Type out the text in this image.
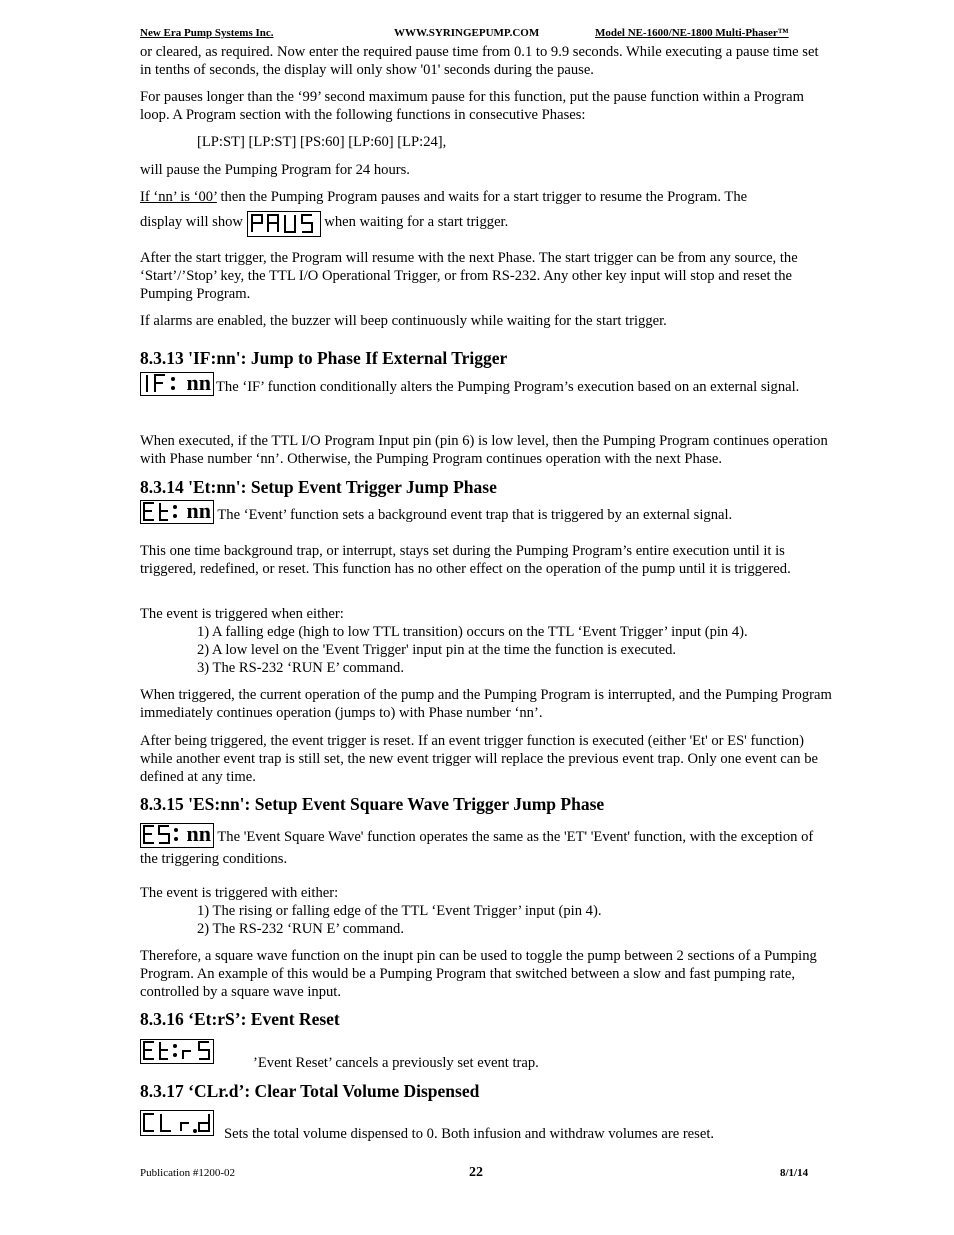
New Era Pump Systems Inc.	WWW.SYRINGEPUMP.COM	Model NE-1600/NE-1800 Multi-Phaser™

or cleared, as required. Now enter the required pause time from 0.1 to 9.9 seconds. While executing a pause time set in tenths of seconds, the display will only show '01' seconds during the pause.

For pauses longer than the ‘99’ second maximum pause for this function, put the pause function within a Program loop. A Program section with the following functions in consecutive Phases:

[LP:ST] [LP:ST] [PS:60] [LP:60] [LP:24],

will pause the Pumping Program for 24 hours.

If ‘nn’ is ‘00’ then the Pumping Program pauses and waits for a start trigger to resume the Program. The

display will show	when waiting for a start trigger.

After the start trigger, the Program will resume with the next Phase. The start trigger can be from any source, the ‘Start’/’Stop’ key, the TTL I/O Operational Trigger, or from RS-232. Any other key input will stop and reset the Pumping Program.

If alarms are enabled, the buzzer will beep continuously while waiting for the start trigger.

8.3.13 'IF:nn': Jump to Phase If External Trigger

nn The ‘IF’ function conditionally alters the Pumping Program’s execution based on an external signal.

When executed, if the TTL I/O Program Input pin (pin 6) is low level, then the Pumping Program continues operation with Phase number ‘nn’. Otherwise, the Pumping Program continues operation with the next Phase.

8.3.14 'Et:nn': Setup Event Trigger Jump Phase

nn The ‘Event’ function sets a background event trap that is triggered by an external signal.

This one time background trap, or interrupt, stays set during the Pumping Program’s entire execution until it is triggered, redefined, or reset. This function has no other effect on the operation of the pump until it is triggered.

The event is triggered when either:

1) A falling edge (high to low TTL transition) occurs on the TTL ‘Event Trigger’ input (pin 4).

2) A low level on the 'Event Trigger' input pin at the time the function is executed.

3) The RS-232 ‘RUN E’ command.

When triggered, the current operation of the pump and the Pumping Program is interrupted, and the Pumping Program immediately continues operation (jumps to) with Phase number ‘nn’.

After being triggered, the event trigger is reset. If an event trigger function is executed (either 'Et' or ES' function) while another event trap is still set, the new event trigger will replace the previous event trap. Only one event can be defined at any time.

8.3.15 'ES:nn': Setup Event Square Wave Trigger Jump Phase

nn The 'Event Square Wave' function operates the same as the 'ET' 'Event' function, with the exception of the triggering conditions.

The event is triggered with either:

1) The rising or falling edge of the TTL ‘Event Trigger’ input (pin 4).

2) The RS-232 ‘RUN E’ command.

Therefore, a square wave function on the inupt pin can be used to toggle the pump between 2 sections of a Pumping Program. An example of this would be a Pumping Program that switched between a slow and fast pumping rate, controlled by a square wave input.

8.3.16 ‘Et:rS’: Event Reset
’Event Reset’ cancels a previously set event trap.
8.3.17 ‘CLr.d’: Clear Total Volume Dispensed
Sets the total volume dispensed to 0. Both infusion and withdraw volumes are reset.
Publication #1200-02	22	8/1/14
